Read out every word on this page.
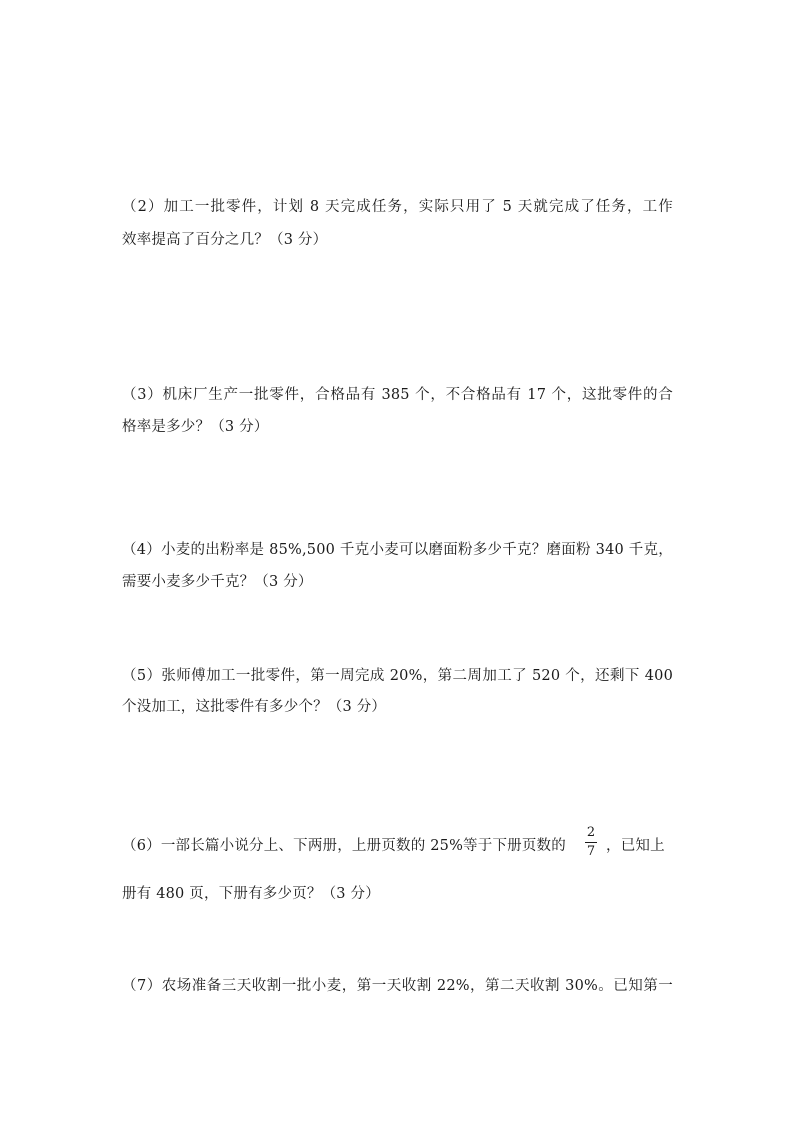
（2）加工一批零件，计划 8 天完成任务，实际只用了 5 天就完成了任务，工作
效率提高了百分之几？（3 分）
（3）机床厂生产一批零件，合格品有 385 个，不合格品有 17 个，这批零件的合
格率是多少？（3 分）
（4）小麦的出粉率是 85%,500 千克小麦可以磨面粉多少千克？磨面粉 340 千克，
需要小麦多少千克？（3 分）
（5）张师傅加工一批零件，第一周完成 20%，第二周加工了 520 个，还剩下 400
个没加工，这批零件有多少个？（3 分）
（6）一部长篇小说分上、下两册，上册页数的 25%等于下册页数的
2
7 ，已知上
册有 480 页，下册有多少页？（3 分）
（7）农场准备三天收割一批小麦，第一天收割 22%，第二天收割 30%。已知第一
